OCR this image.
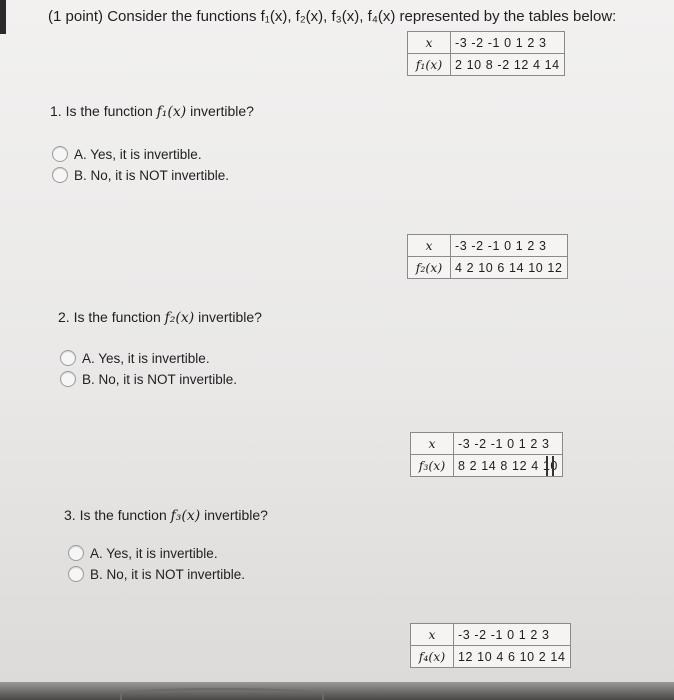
(1 point) Consider the functions f₁(x), f₂(x), f₃(x), f₄(x) represented by the tables below:
x	-3 -2 -1 0 1 2 3
f₁(x)	2 10 8 -2 12 4 14
1. Is the function f₁(x) invertible?
A. Yes, it is invertible.
B. No, it is NOT invertible.
x	-3 -2 -1 0 1 2 3
f₂(x)	4 2 10 6 14 10 12
2. Is the function f₂(x) invertible?
A. Yes, it is invertible.
B. No, it is NOT invertible.
x	-3 -2 -1 0 1 2 3
f₃(x)	8 2 14 8 12 4 10
3. Is the function f₃(x) invertible?
A. Yes, it is invertible.
B. No, it is NOT invertible.
x	-3 -2 -1 0 1 2 3
f₄(x)	12 10 4 6 10 2 14
